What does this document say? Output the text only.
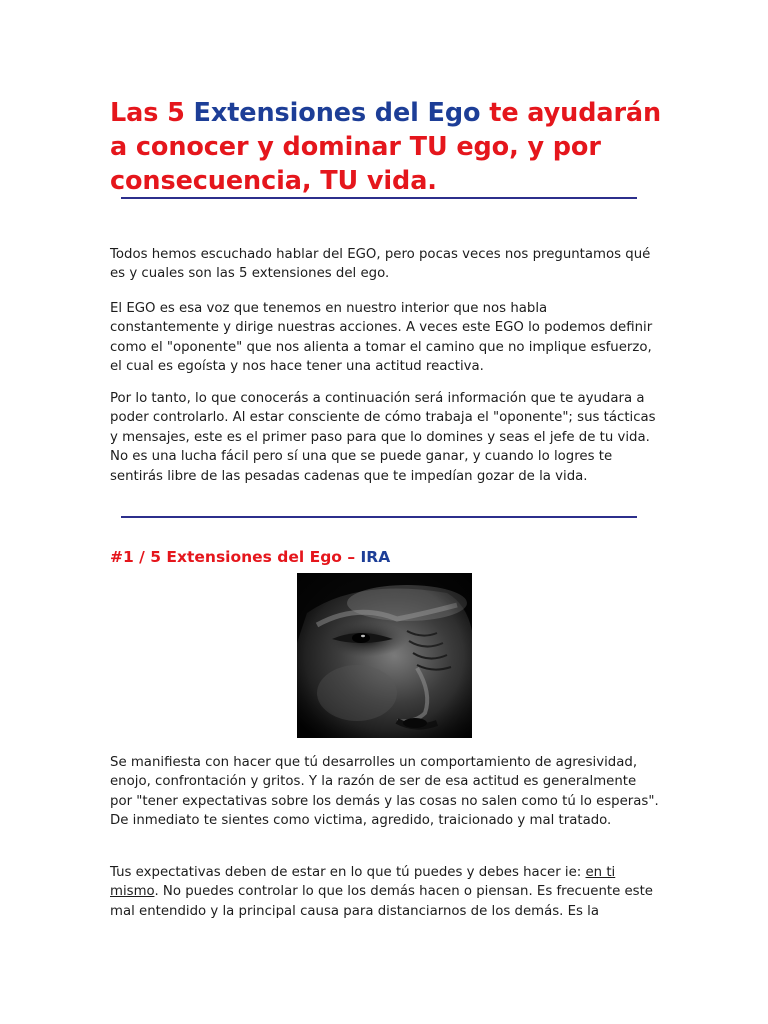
Las 5 Extensiones del Ego te ayudarán a conocer y dominar TU ego, y por consecuencia, TU vida.

Todos hemos escuchado hablar del EGO, pero pocas veces nos preguntamos qué es y cuales son las 5 extensiones del ego.

El EGO es esa voz que tenemos en nuestro interior que nos habla constantemente y dirige nuestras acciones. A veces este EGO lo podemos definir como el "oponente" que nos alienta a tomar el camino que no implique esfuerzo, el cual es egoísta y nos hace tener una actitud reactiva.

Por lo tanto, lo que conocerás a continuación será información que te ayudara a poder controlarlo. Al estar consciente de cómo trabaja el "oponente"; sus tácticas y mensajes, este es el primer paso para que lo domines y seas el jefe de tu vida. No es una lucha fácil pero sí una que se puede ganar, y cuando lo logres te sentirás libre de las pesadas cadenas que te impedían gozar de la vida.

#1 / 5 Extensiones del Ego – IRA

Se manifiesta con hacer que tú desarrolles un comportamiento de agresividad, enojo, confrontación y gritos. Y la razón de ser de esa actitud es generalmente por "tener expectativas sobre los demás y las cosas no salen como tú lo esperas". De inmediato te sientes como victima, agredido, traicionado y mal tratado.

Tus expectativas deben de estar en lo que tú puedes y debes hacer ie: en ti mismo. No puedes controlar lo que los demás hacen o piensan. Es frecuente este mal entendido y la principal causa para distanciarnos de los demás. Es la
